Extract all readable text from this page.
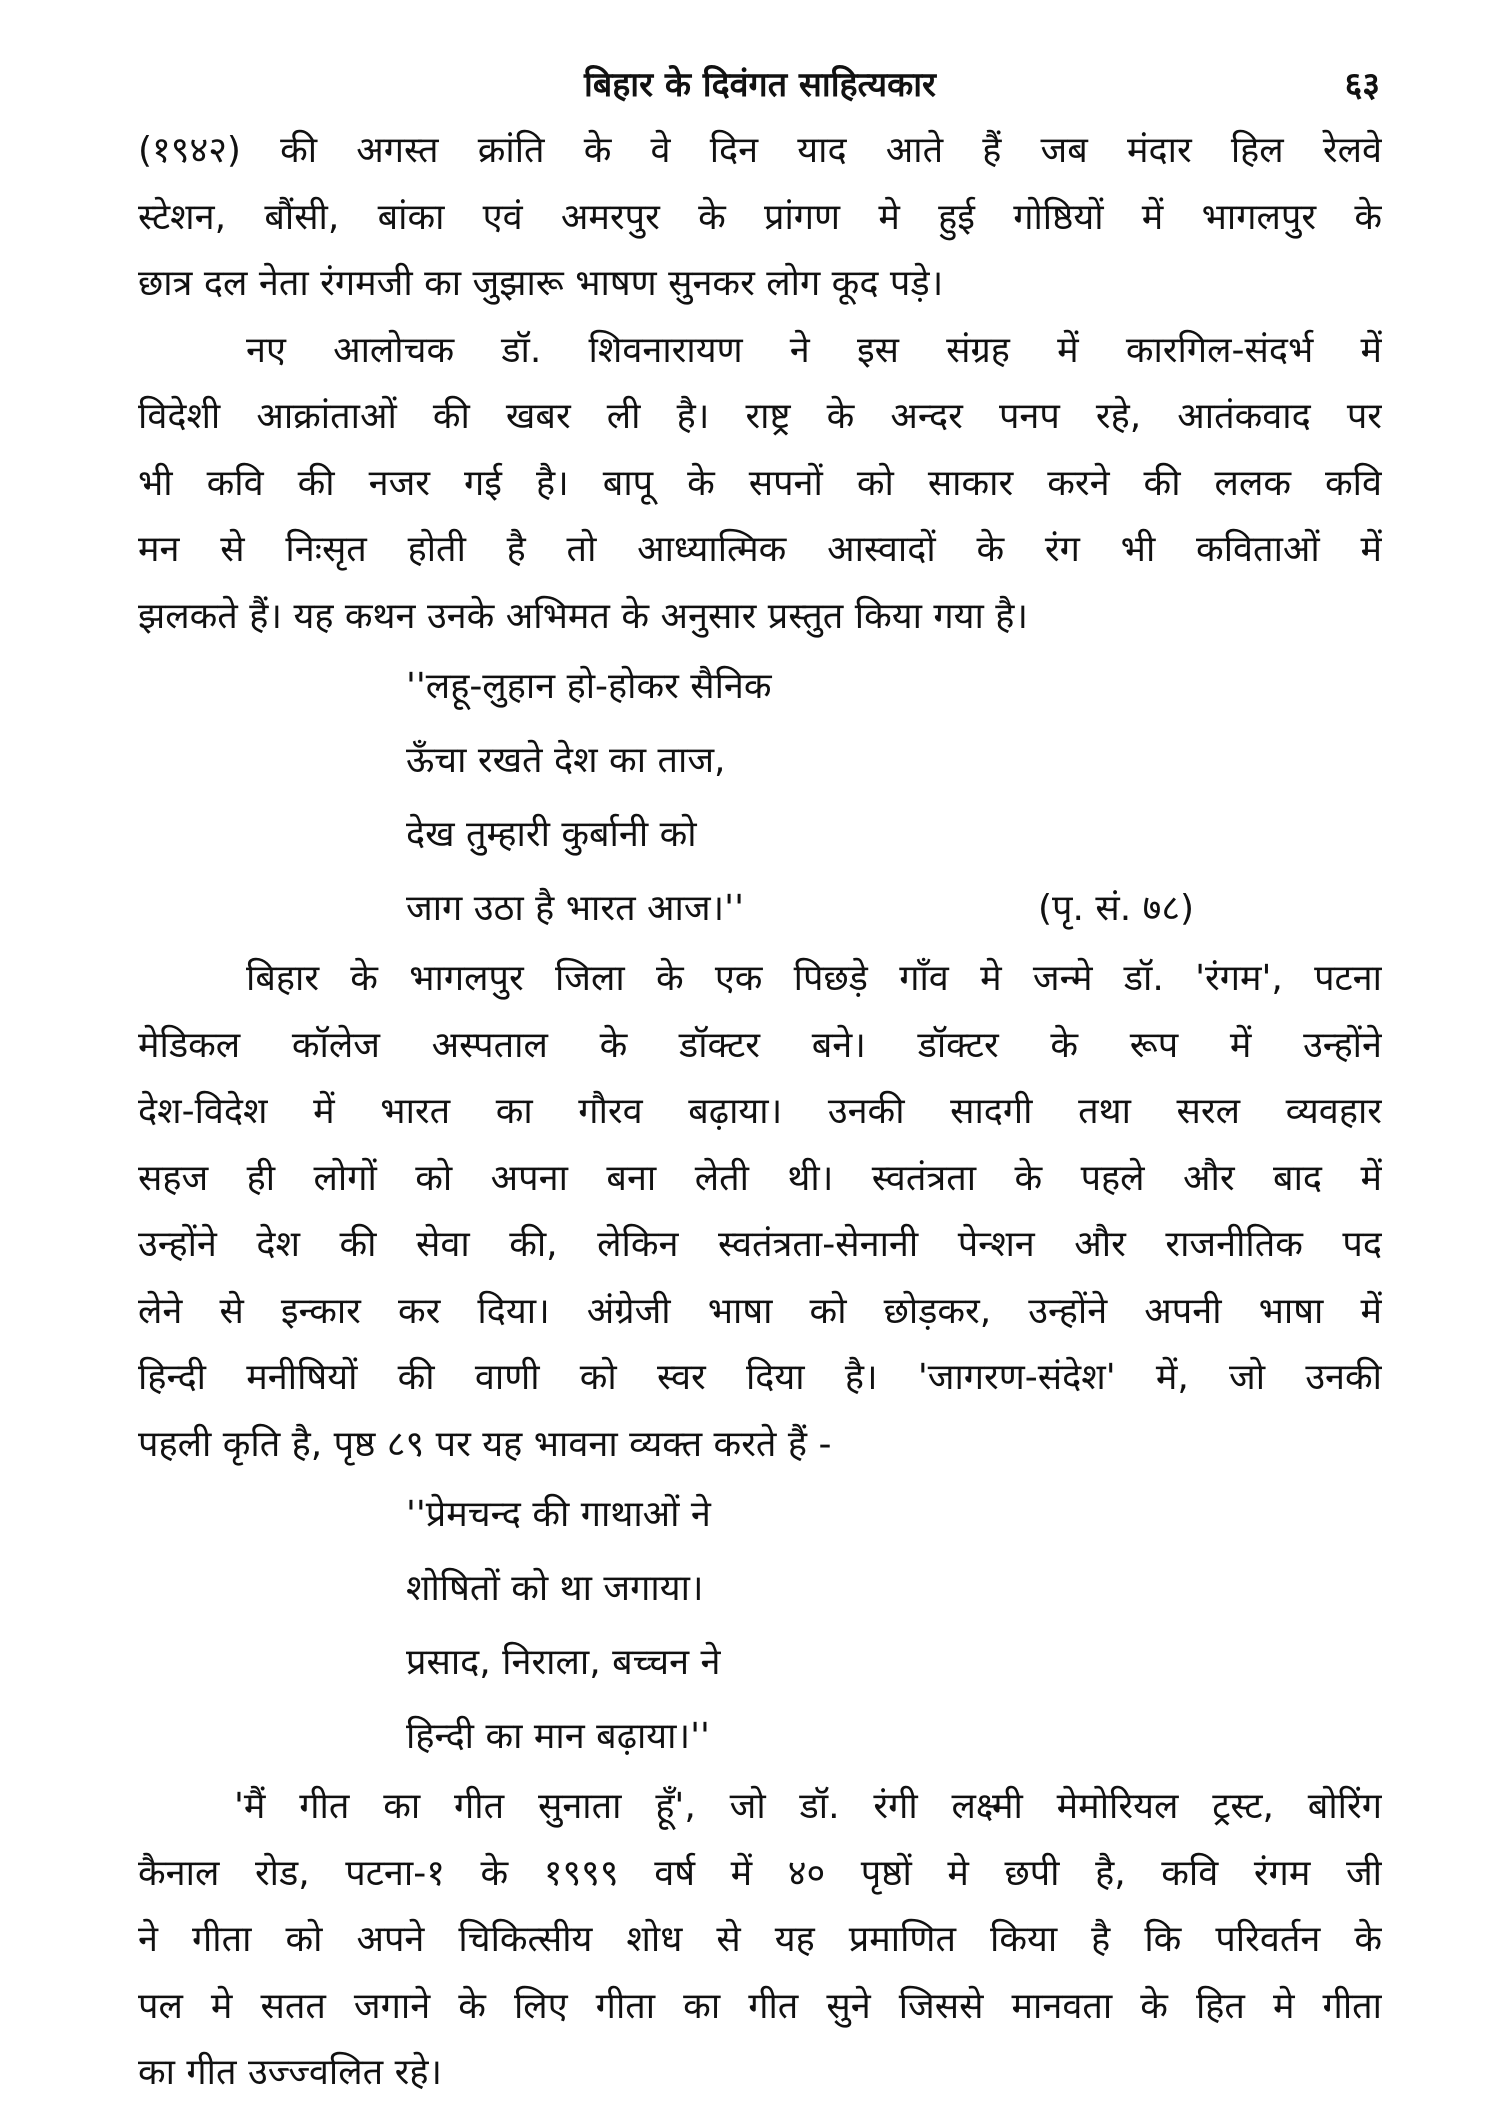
बिहार के दिवंगत साहित्यकार	६३
(१९४२) की अगस्त क्रांति के वे दिन याद आते हैं जब मंदार हिल रेलवे
स्टेशन, बौंसी, बांका एवं अमरपुर के प्रांगण मे हुई गोष्ठियों में भागलपुर के
छात्र दल नेता रंगमजी का जुझारू भाषण सुनकर लोग कूद पड़े।
नए आलोचक डॉ. शिवनारायण ने इस संग्रह में कारगिल-संदर्भ में
विदेशी आक्रांताओं की खबर ली है। राष्ट्र के अन्दर पनप रहे, आतंकवाद पर
भी कवि की नजर गई है। बापू के सपनों को साकार करने की ललक कवि
मन से निःसृत होती है तो आध्यात्मिक आस्वादों के रंग भी कविताओं में
झलकते हैं। यह कथन उनके अभिमत के अनुसार प्रस्तुत किया गया है।
''लहू-लुहान हो-होकर सैनिक
ऊँचा रखते देश का ताज,
देख तुम्हारी कुर्बानी को
जाग उठा है भारत आज।''	(पृ. सं. ७८)
बिहार के भागलपुर जिला के एक पिछड़े गाँव मे जन्मे डॉ. 'रंगम', पटना
मेडिकल कॉलेज अस्पताल के डॉक्टर बने। डॉक्टर के रूप में उन्होंने
देश-विदेश में भारत का गौरव बढ़ाया। उनकी सादगी तथा सरल व्यवहार
सहज ही लोगों को अपना बना लेती थी। स्वतंत्रता के पहले और बाद में
उन्होंने देश की सेवा की, लेकिन स्वतंत्रता-सेनानी पेन्शन और राजनीतिक पद
लेने से इन्कार कर दिया। अंग्रेजी भाषा को छोड़कर, उन्होंने अपनी भाषा में
हिन्दी मनीषियों की वाणी को स्वर दिया है। 'जागरण-संदेश' में, जो उनकी
पहली कृति है, पृष्ठ ८९ पर यह भावना व्यक्त करते हैं -
''प्रेमचन्द की गाथाओं ने
शोषितों को था जगाया।
प्रसाद, निराला, बच्चन ने
हिन्दी का मान बढ़ाया।''
'मैं गीत का गीत सुनाता हूँ', जो डॉ. रंगी लक्ष्मी मेमोरियल ट्रस्ट, बोरिंग
कैनाल रोड, पटना-१ के १९९९ वर्ष में ४० पृष्ठों मे छपी है, कवि रंगम जी
ने गीता को अपने चिकित्सीय शोध से यह प्रमाणित किया है कि परिवर्तन के
पल मे सतत जगाने के लिए गीता का गीत सुने जिससे मानवता के हित मे गीता
का गीत उज्ज्वलित रहे।
